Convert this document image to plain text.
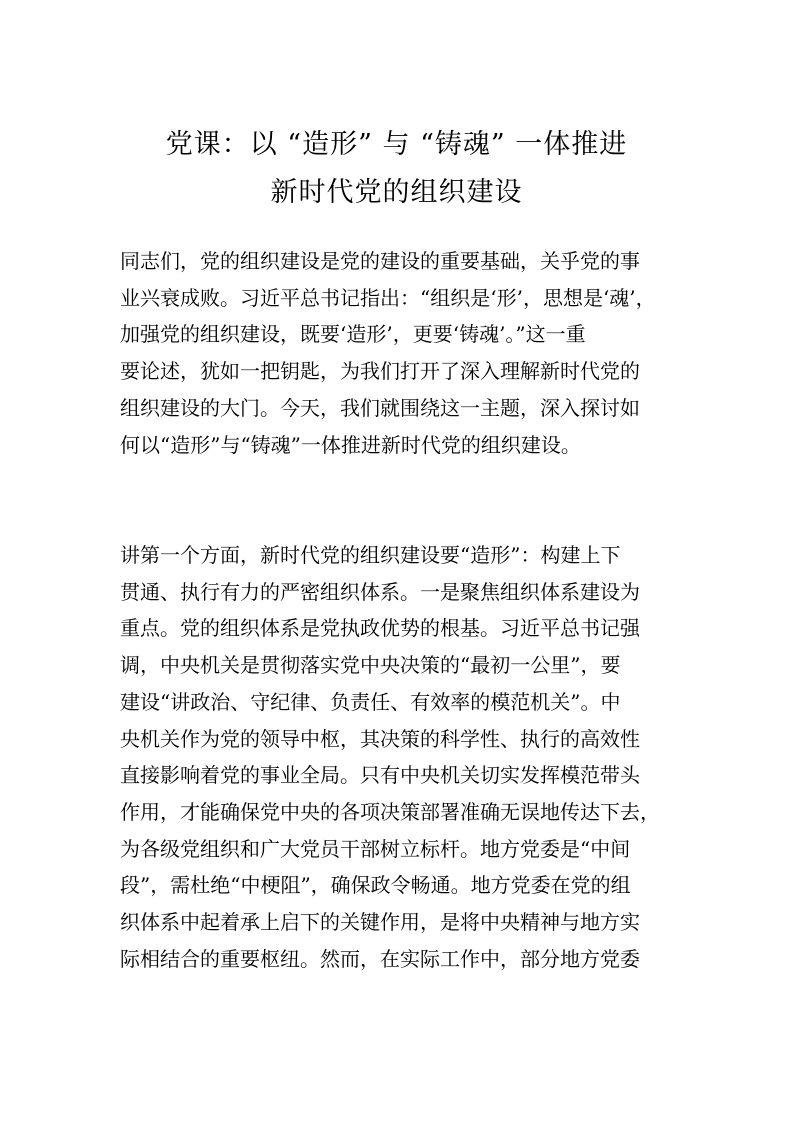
党课：以 “造形” 与 “铸魂” 一体推进
新时代党的组织建设

同志们，党的组织建设是党的建设的重要基础，关乎党的事
业兴衰成败。习近平总书记指出：“组织是‘形’，思想是‘魂’，
加强党的组织建设，既要‘造形’，更要‘铸魂’。”这一重
要论述，犹如一把钥匙，为我们打开了深入理解新时代党的
组织建设的大门。今天，我们就围绕这一主题，深入探讨如
何以“造形”与“铸魂”一体推进新时代党的组织建设。

讲第一个方面，新时代党的组织建设要“造形”：构建上下
贯通、执行有力的严密组织体系。一是聚焦组织体系建设为
重点。党的组织体系是党执政优势的根基。习近平总书记强
调，中央机关是贯彻落实党中央决策的“最初一公里”，要
建设“讲政治、守纪律、负责任、有效率的模范机关”。中
央机关作为党的领导中枢，其决策的科学性、执行的高效性
直接影响着党的事业全局。只有中央机关切实发挥模范带头
作用，才能确保党中央的各项决策部署准确无误地传达下去，
为各级党组织和广大党员干部树立标杆。地方党委是“中间
段”，需杜绝“中梗阻”，确保政令畅通。地方党委在党的组
织体系中起着承上启下的关键作用，是将中央精神与地方实
际相结合的重要枢纽。然而，在实际工作中，部分地方党委
